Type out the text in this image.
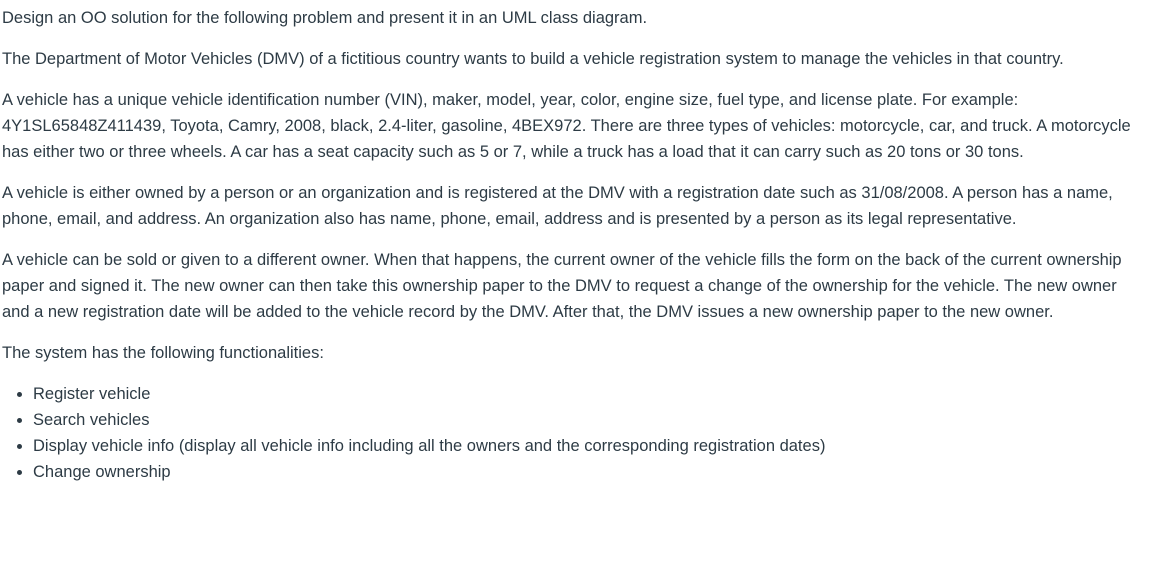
Design an OO solution for the following problem and present it in an UML class diagram.

The Department of Motor Vehicles (DMV) of a fictitious country wants to build a vehicle registration system to manage the vehicles in that country.

A vehicle has a unique vehicle identification number (VIN), maker, model, year, color, engine size, fuel type, and license plate. For example: 4Y1SL65848Z411439, Toyota, Camry, 2008, black, 2.4-liter, gasoline, 4BEX972. There are three types of vehicles: motorcycle, car, and truck. A motorcycle has either two or three wheels. A car has a seat capacity such as 5 or 7, while a truck has a load that it can carry such as 20 tons or 30 tons.

A vehicle is either owned by a person or an organization and is registered at the DMV with a registration date such as 31/08/2008. A person has a name, phone, email, and address. An organization also has name, phone, email, address and is presented by a person as its legal representative.

A vehicle can be sold or given to a different owner. When that happens, the current owner of the vehicle fills the form on the back of the current ownership paper and signed it. The new owner can then take this ownership paper to the DMV to request a change of the ownership for the vehicle. The new owner and a new registration date will be added to the vehicle record by the DMV. After that, the DMV issues a new ownership paper to the new owner.

The system has the following functionalities:

• Register vehicle
• Search vehicles
• Display vehicle info (display all vehicle info including all the owners and the corresponding registration dates)
• Change ownership
